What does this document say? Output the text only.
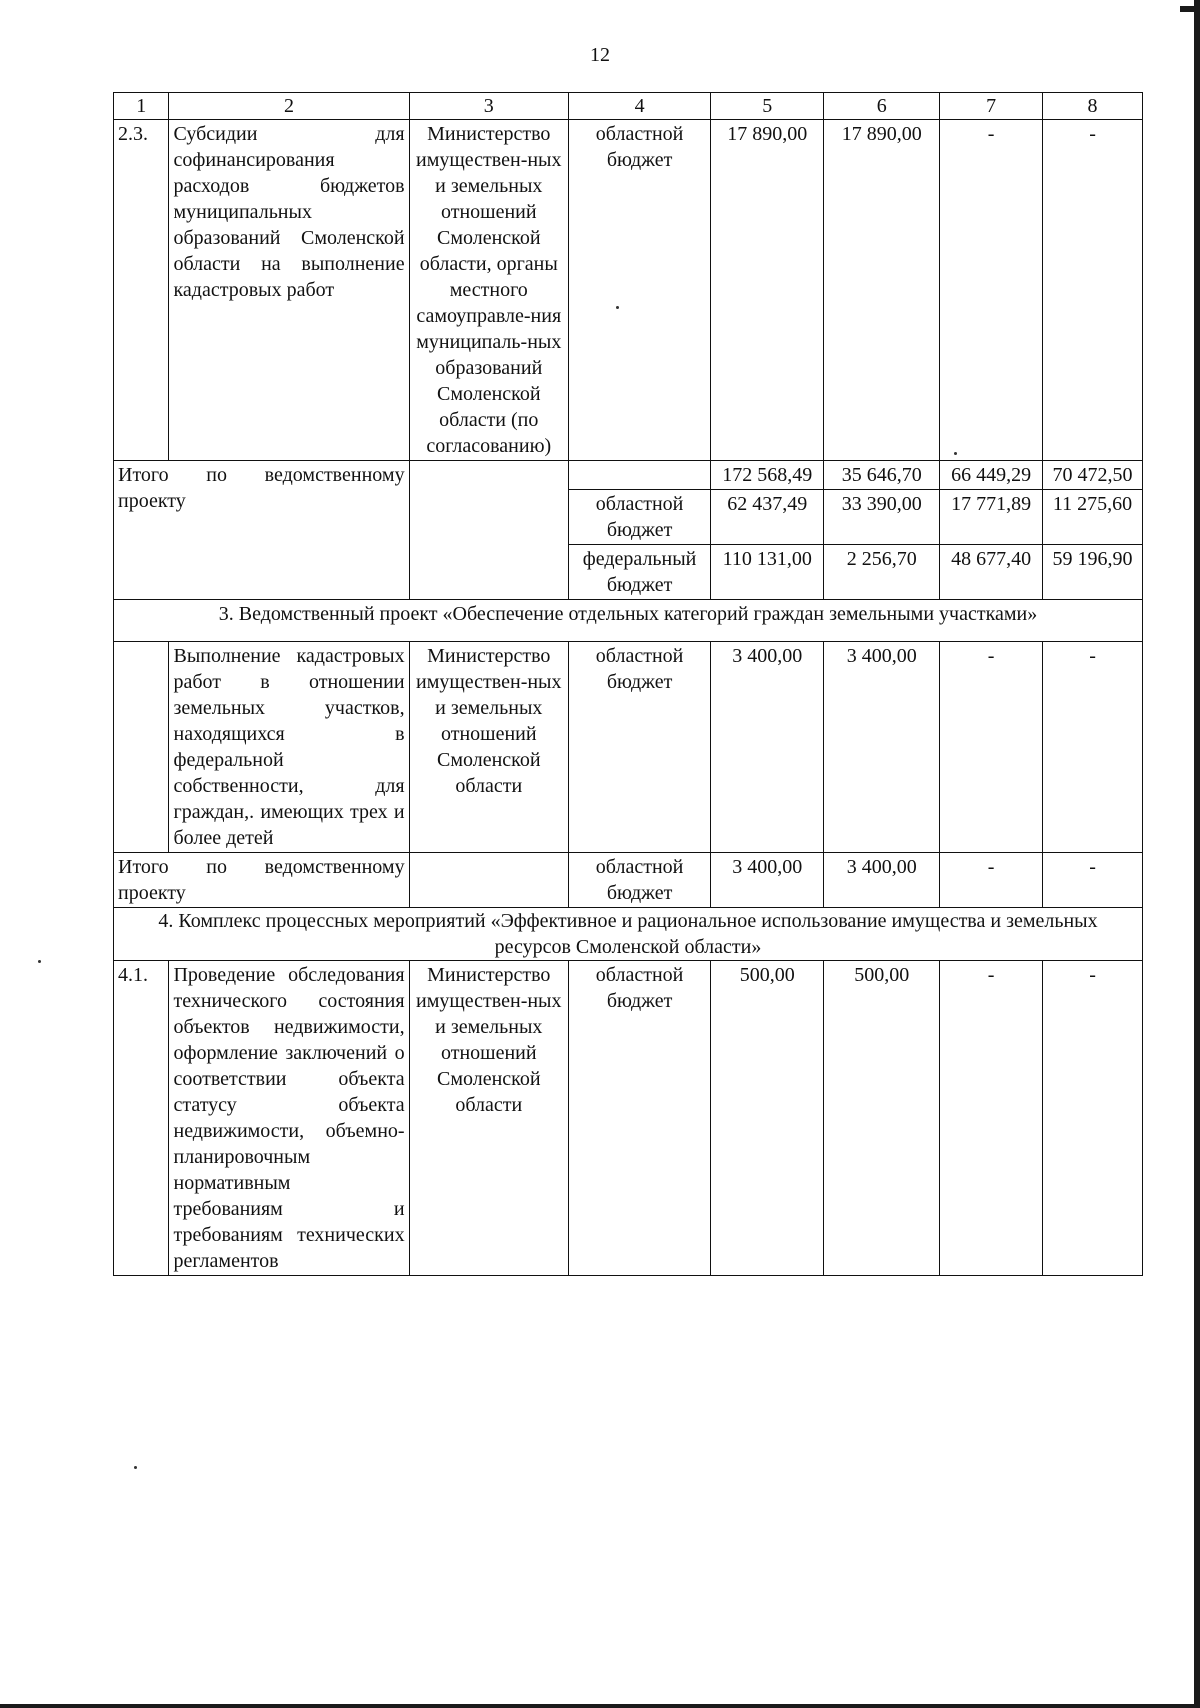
12
1	2	3	4	5	6	7	8
2.3.	Субсидии для софинансирования расходов бюджетов муниципальных образований Смоленской области на выполнение кадастровых работ	Министерство имуществен-ных и земельных отношений Смоленской области, органы местного самоуправле-ния муниципаль-ных образований Смоленской области (по согласованию)	областной бюджет	17 890,00	17 890,00	-	-
Итого по ведомственному проекту				172 568,49	35 646,70	66 449,29	70 472,50
			областной бюджет	62 437,49	33 390,00	17 771,89	11 275,60
			федеральный бюджет	110 131,00	2 256,70	48 677,40	59 196,90
3. Ведомственный проект «Обеспечение отдельных категорий граждан земельными участками»							
	Выполнение кадастровых работ в отношении земельных участков, находящихся в федеральной собственности, для граждан,. имеющих трех и более детей	Министерство имуществен-ных и земельных отношений Смоленской области	областной бюджет	3 400,00	3 400,00	-	-
Итого по ведомственному проекту			областной бюджет	3 400,00	3 400,00	-	-
4. Комплекс процессных мероприятий «Эффективное и рациональное использование имущества и земельных ресурсов Смоленской области»							
4.1.	Проведение обследования технического состояния объектов недвижимости, оформление заключений о соответствии объекта статусу объекта недвижимости, объемно-планировочным нормативным требованиям и требованиям технических регламентов	Министерство имуществен-ных и земельных отношений Смоленской области	областной бюджет	500,00	500,00	-	-
